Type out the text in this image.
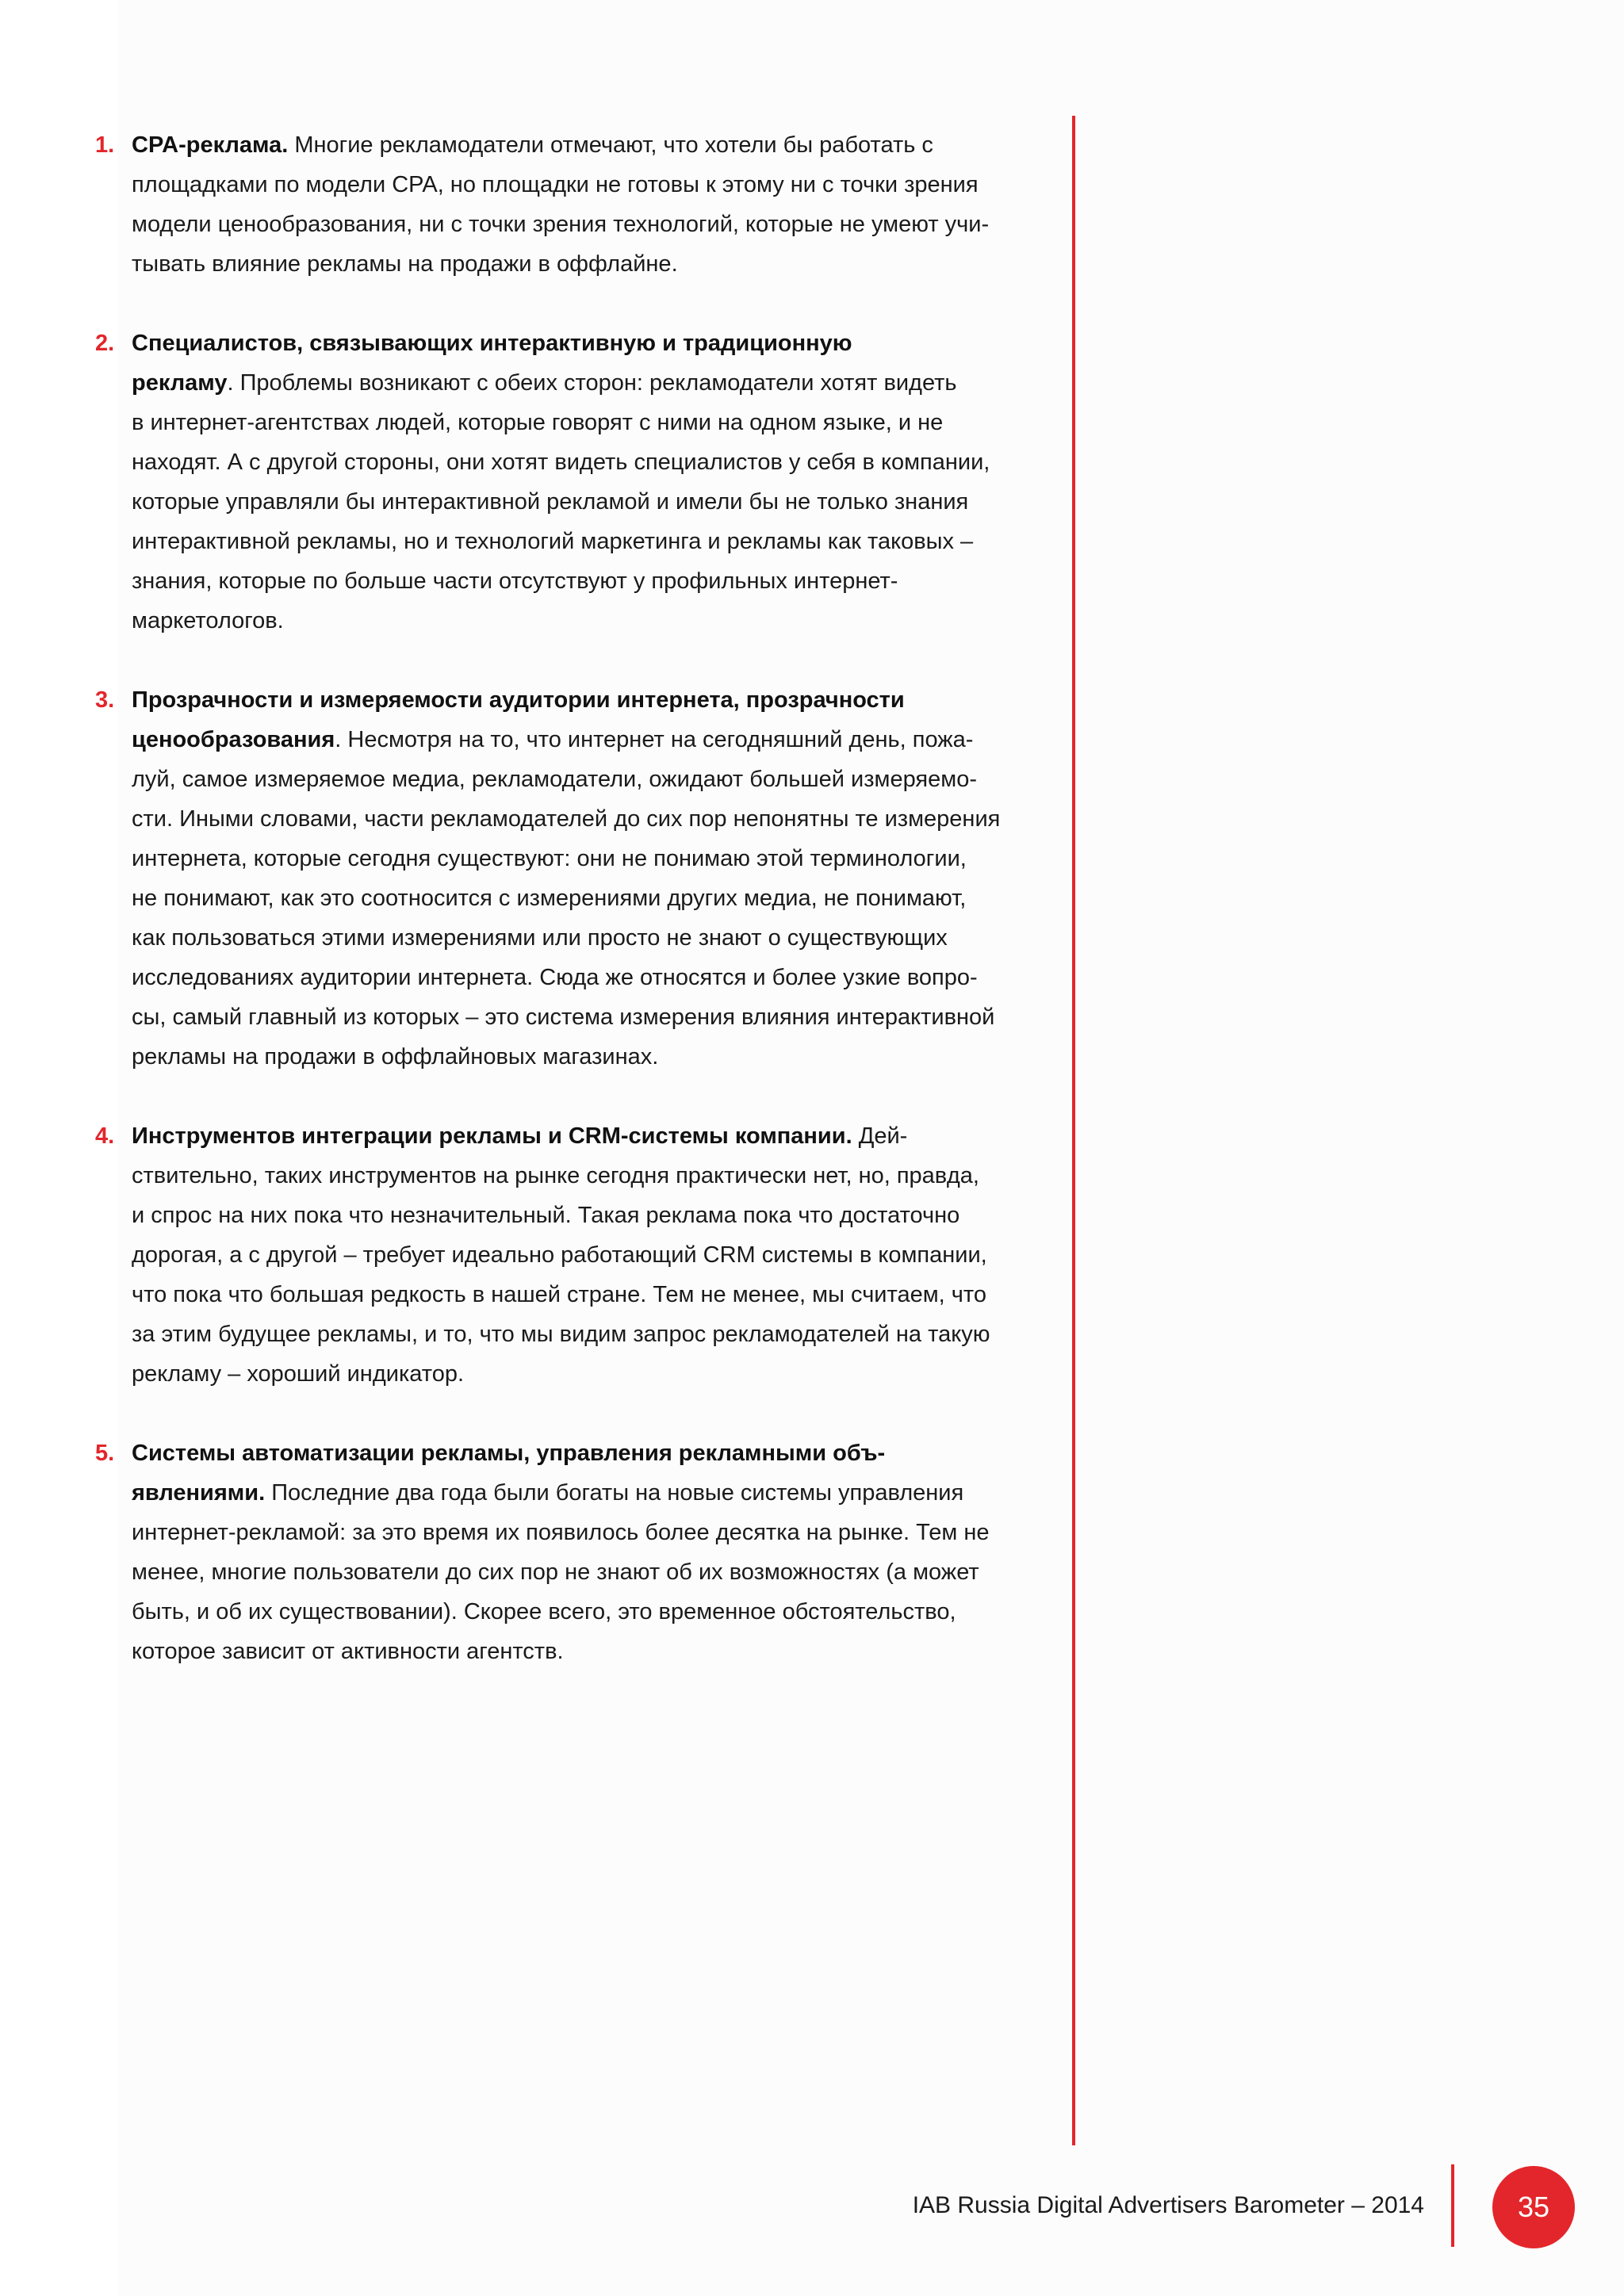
1. CPA-реклама. Многие рекламодатели отмечают, что хотели бы работать с
площадками по модели CPA, но площадки не готовы к этому ни с точки зрения
модели ценообразования, ни с точки зрения технологий, которые не умеют учи-
тывать влияние рекламы на продажи в оффлайне.
2. Специалистов, связывающих интерактивную и традиционную
рекламу. Проблемы возникают с обеих сторон: рекламодатели хотят видеть
в интернет-агентствах людей, которые говорят с ними на одном языке, и не
находят. А с другой стороны, они хотят видеть специалистов у себя в компании,
которые управляли бы интерактивной рекламой и имели бы не только знания
интерактивной рекламы, но и технологий маркетинга и рекламы как таковых –
знания, которые по больше части отсутствуют у профильных интернет-
маркетологов.
3. Прозрачности и измеряемости аудитории интернета, прозрачности
ценообразования. Несмотря на то, что интернет на сегодняшний день, пожа-
луй, самое измеряемое медиа, рекламодатели, ожидают большей измеряемо-
сти. Иными словами, части рекламодателей до сих пор непонятны те измерения
интернета, которые сегодня существуют: они не понимаю этой терминологии,
не понимают, как это соотносится с измерениями других медиа, не понимают,
как пользоваться этими измерениями или просто не знают о существующих
исследованиях аудитории интернета. Сюда же относятся и более узкие вопро-
сы, самый главный из которых – это система измерения влияния интерактивной
рекламы на продажи в оффлайновых магазинах.
4. Инструментов интеграции рекламы и CRM-системы компании. Дей-
ствительно, таких инструментов на рынке сегодня практически нет, но, правда,
и спрос на них пока что незначительный. Такая реклама пока что достаточно
дорогая, а с другой – требует идеально работающий CRM системы в компании,
что пока что большая редкость в нашей стране. Тем не менее, мы считаем, что
за этим будущее рекламы, и то, что мы видим запрос рекламодателей на такую
рекламу – хороший индикатор.
5. Системы автоматизации рекламы, управления рекламными объ-
явлениями. Последние два года были богаты на новые системы управления
интернет-рекламой: за это время их появилось более десятка на рынке. Тем не
менее, многие пользователи до сих пор не знают об их возможностях (а может
быть, и об их существовании). Скорее всего, это временное обстоятельство,
которое зависит от активности агентств.
IAB Russia Digital Advertisers Barometer – 2014	35
